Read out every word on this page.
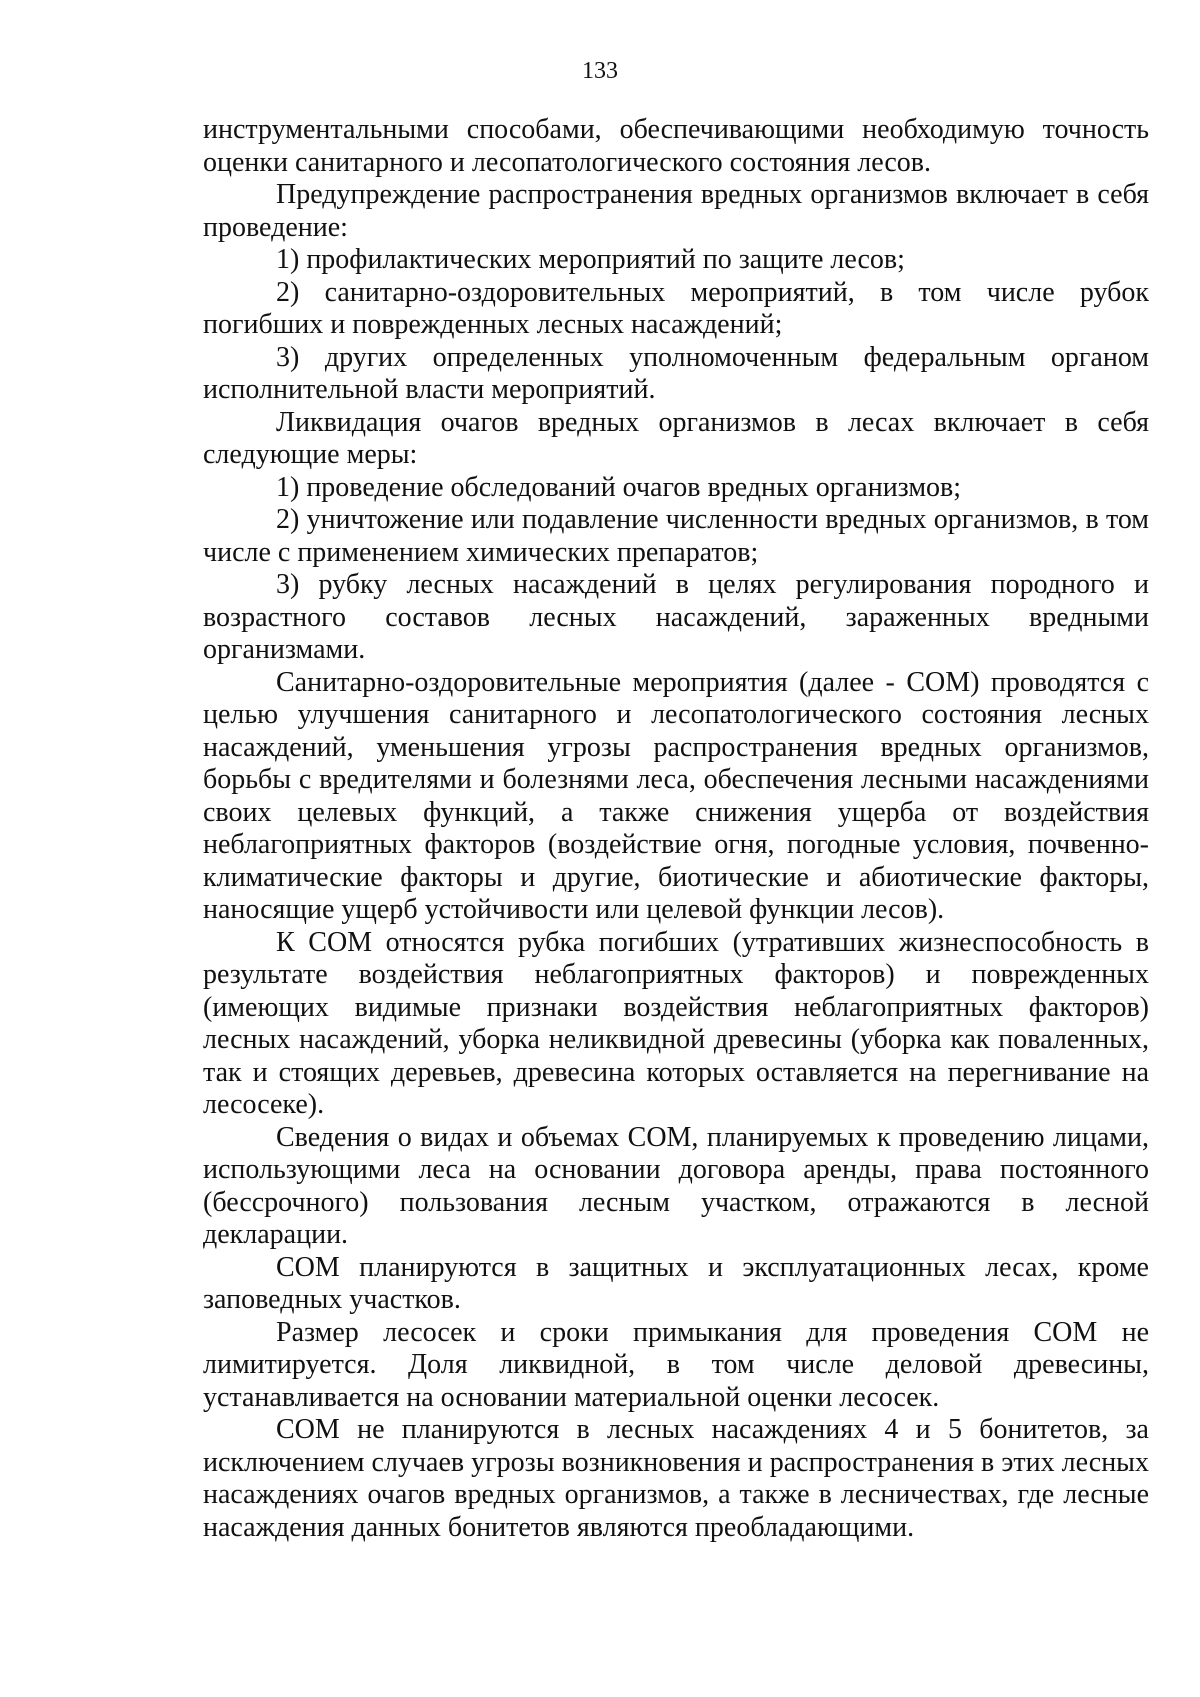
133

инструментальными способами, обеспечивающими необходимую точность оценки санитарного и лесопатологического состояния лесов.

Предупреждение распространения вредных организмов включает в себя проведение:

1) профилактических мероприятий по защите лесов;

2) санитарно-оздоровительных мероприятий, в том числе рубок погибших и поврежденных лесных насаждений;

3) других определенных уполномоченным федеральным органом исполнительной власти мероприятий.

Ликвидация очагов вредных организмов в лесах включает в себя следующие меры:

1) проведение обследований очагов вредных организмов;

2) уничтожение или подавление численности вредных организмов, в том числе с применением химических препаратов;

3) рубку лесных насаждений в целях регулирования породного и возрастного составов лесных насаждений, зараженных вредными организмами.

Санитарно-оздоровительные мероприятия (далее - СОМ) проводятся с целью улучшения санитарного и лесопатологического состояния лесных насаждений, уменьшения угрозы распространения вредных организмов, борьбы с вредителями и болезнями леса, обеспечения лесными насаждениями своих целевых функций, а также снижения ущерба от воздействия неблагоприятных факторов (воздействие огня, погодные условия, почвенно-климатические факторы и другие, биотические и абиотические факторы, наносящие ущерб устойчивости или целевой функции лесов).

К СОМ относятся рубка погибших (утративших жизнеспособность в результате воздействия неблагоприятных факторов) и поврежденных (имеющих видимые признаки воздействия неблагоприятных факторов) лесных насаждений, уборка неликвидной древесины (уборка как поваленных, так и стоящих деревьев, древесина которых оставляется на перегнивание на лесосеке).

Сведения о видах и объемах СОМ, планируемых к проведению лицами, использующими леса на основании договора аренды, права постоянного (бессрочного) пользования лесным участком, отражаются в лесной декларации.

СОМ планируются в защитных и эксплуатационных лесах, кроме заповедных участков.

Размер лесосек и сроки примыкания для проведения СОМ не лимитируется. Доля ликвидной, в том числе деловой древесины, устанавливается на основании материальной оценки лесосек.

СОМ не планируются в лесных насаждениях 4 и 5 бонитетов, за исключением случаев угрозы возникновения и распространения в этих лесных насаждениях очагов вредных организмов, а также в лесничествах, где лесные насаждения данных бонитетов являются преобладающими.
